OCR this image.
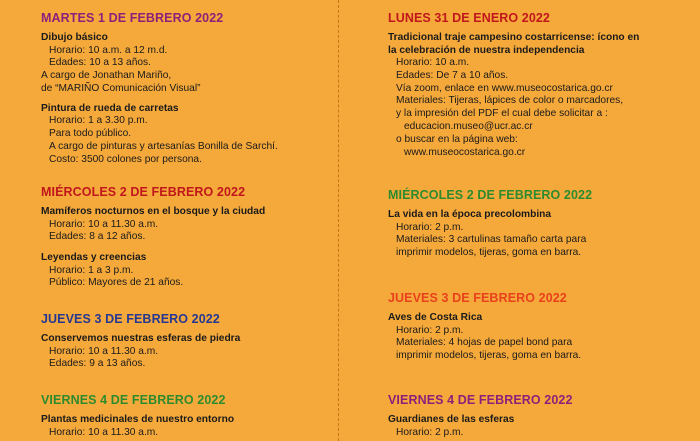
MARTES 1 DE FEBRERO 2022
Dibujo básico
Horario: 10 a.m. a 12 m.d.
Edades: 10 a 13 años.
A cargo de Jonathan Mariño,
de “MARIÑO Comunicación Visual”
Pintura de rueda de carretas
Horario: 1 a 3.30 p.m.
Para todo público.
A cargo de pinturas y artesanías Bonilla de Sarchí.
Costo: 3500 colones por persona.
MIÉRCOLES 2 DE FEBRERO 2022
Mamíferos nocturnos en el bosque y la ciudad
Horario: 10 a 11.30 a.m.
Edades: 8 a 12 años.
Leyendas y creencias
Horario: 1 a 3 p.m.
Público: Mayores de 21 años.
JUEVES 3 DE FEBRERO 2022
Conservemos nuestras esferas de piedra
Horario: 10 a 11.30 a.m.
Edades: 9 a 13 años.
VIERNES 4 DE FEBRERO 2022
Plantas medicinales de nuestro entorno
Horario: 10 a 11.30 a.m.
LUNES 31 DE ENERO 2022
Tradicional traje campesino costarricense: ícono en
la celebración de nuestra independencia
Horario: 10 a.m.
Edades: De 7 a 10 años.
Vía zoom, enlace en www.museocostarica.go.cr
Materiales: Tijeras, lápices de color o marcadores,
y la impresión del PDF el cual debe solicitar a :
educacion.museo@ucr.ac.cr
o buscar en la página web:
www.museocostarica.go.cr
MIÉRCOLES 2 DE FEBRERO 2022
La vida en la época precolombina
Horario: 2 p.m.
Materiales: 3 cartulinas tamaño carta para
imprimir modelos, tijeras, goma en barra.
JUEVES 3 DE FEBRERO 2022
Aves de Costa Rica
Horario: 2 p.m.
Materiales: 4 hojas de papel bond para
imprimir modelos, tijeras, goma en barra.
VIERNES 4 DE FEBRERO 2022
Guardianes de las esferas
Horario: 2 p.m.
